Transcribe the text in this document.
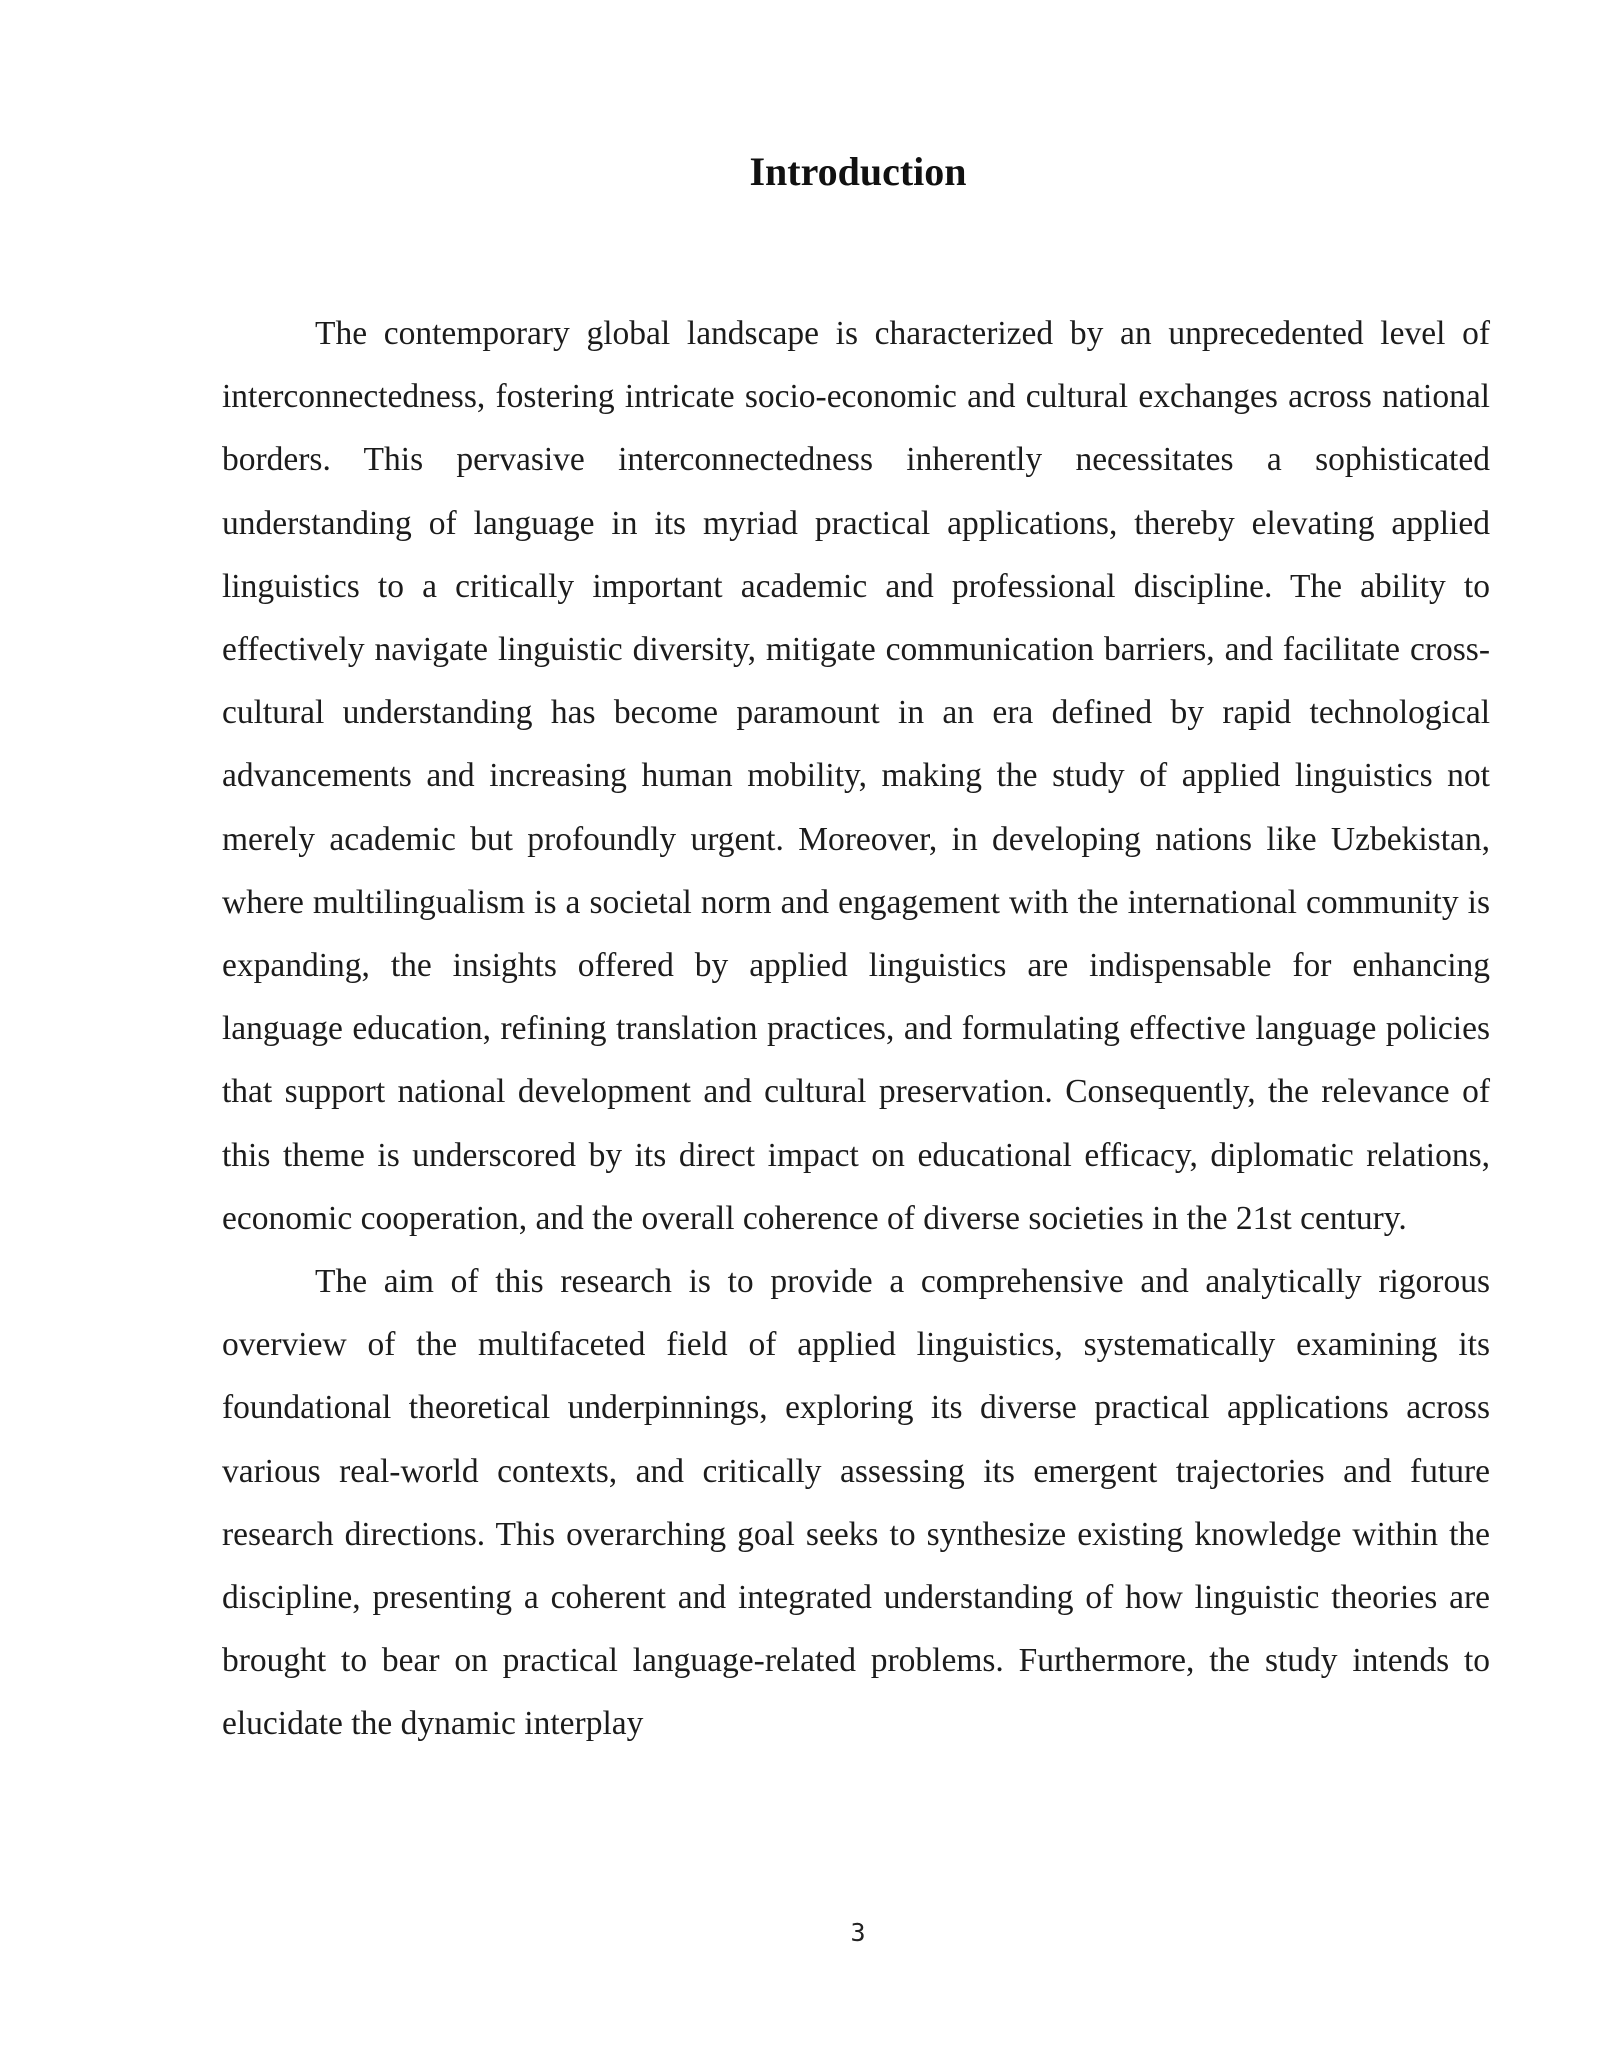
Introduction

The contemporary global landscape is characterized by an unprecedented level of interconnectedness, fostering intricate socio-economic and cultural exchanges across national borders. This pervasive interconnectedness inherently necessitates a sophisticated understanding of language in its myriad practical applications, thereby elevating applied linguistics to a critically important academic and professional discipline. The ability to effectively navigate linguistic diversity, mitigate communication barriers, and facilitate cross-cultural understanding has become paramount in an era defined by rapid technological advancements and increasing human mobility, making the study of applied linguistics not merely academic but profoundly urgent. Moreover, in developing nations like Uzbekistan, where multilingualism is a societal norm and engagement with the international community is expanding, the insights offered by applied linguistics are indispensable for enhancing language education, refining translation practices, and formulating effective language policies that support national development and cultural preservation. Consequently, the relevance of this theme is underscored by its direct impact on educational efficacy, diplomatic relations, economic cooperation, and the overall coherence of diverse societies in the 21st century.

The aim of this research is to provide a comprehensive and analytically rigorous overview of the multifaceted field of applied linguistics, systematically examining its foundational theoretical underpinnings, exploring its diverse practical applications across various real-world contexts, and critically assessing its emergent trajectories and future research directions. This overarching goal seeks to synthesize existing knowledge within the discipline, presenting a coherent and integrated understanding of how linguistic theories are brought to bear on practical language-related problems. Furthermore, the study intends to elucidate the dynamic interplay

3
